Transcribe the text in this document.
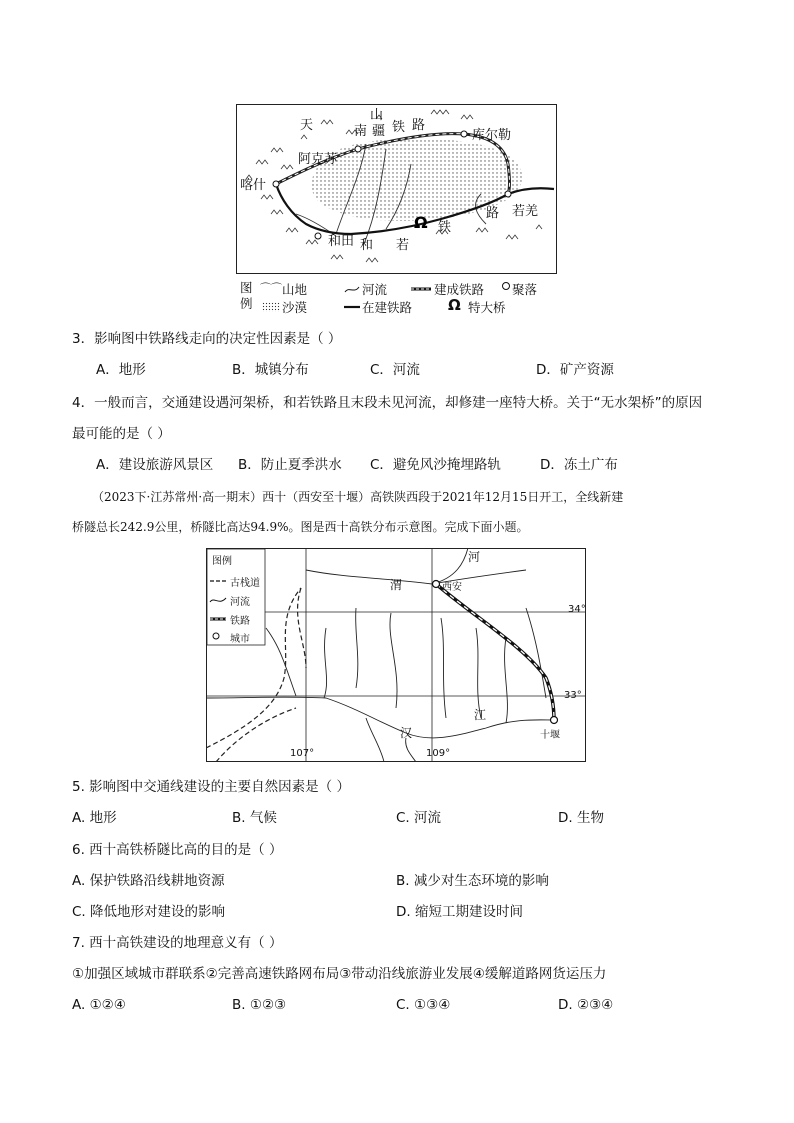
Ω
天
山
南 疆 铁 路
库尔勒
阿克苏
喀什
若羌
和田 和 若
铁
路
图
例
⌒⌒ 山地	河流	建成铁路 聚落
沙漠	在建铁路 Ω 特大桥
3．影响图中铁路线走向的决定性因素是（ ）
A．地形	B．城镇分布	C．河流	D．矿产资源
4．一般而言，交通建设遇河架桥，和若铁路且末段未见河流，却修建一座特大桥。关于“无水架桥”的原因
最可能的是（ ）
A．建设旅游风景区 B．防止夏季洪水 C．避免风沙掩埋路轨	D．冻土广布
（2023下·江苏常州·高一期末）西十（西安至十堰）高铁陕西段于2021年12月15日开工，全线新建
桥隧总长242.9公里，桥隧比高达94.9%。图是西十高铁分布示意图。完成下面小题。
图例
古栈道
河流
铁路
城市
河
渭	西安
34°
33°
江
汉	十堰
107°	109°
5. 影响图中交通线建设的主要自然因素是（ ）
A. 地形	B. 气候	C. 河流	D. 生物
6. 西十高铁桥隧比高的目的是（ ）
A. 保护铁路沿线耕地资源	B. 减少对生态环境的影响
C. 降低地形对建设的影响	D. 缩短工期建设时间
7. 西十高铁建设的地理意义有（ ）
①加强区域城市群联系②完善高速铁路网布局③带动沿线旅游业发展④缓解道路网货运压力
A. ①②④	B. ①②③	C. ①③④	D. ②③④
